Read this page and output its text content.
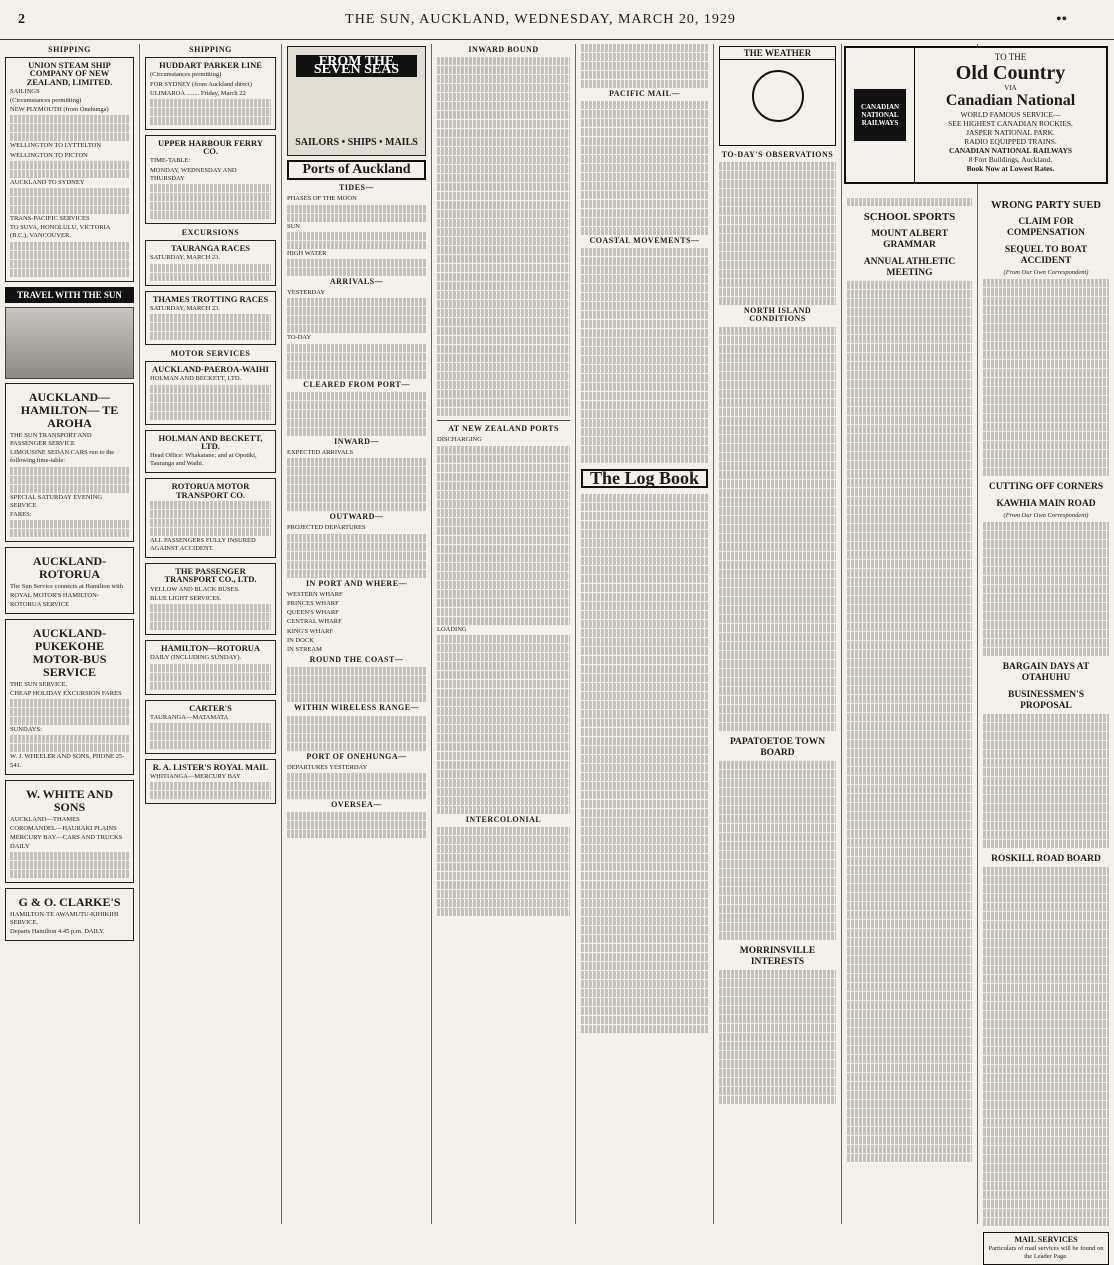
2	THE SUN, AUCKLAND, WEDNESDAY, MARCH 20, 1929	••
SHIPPING
UNION STEAM SHIP COMPANY OF NEW ZEALAND, LIMITED.

SAILINGS

(Circumstances permitting)

NEW PLYMOUTH (from Onehunga)

WELLINGTON TO LYTTELTON

WELLINGTON TO PICTON

AUCKLAND TO SYDNEY

TRANS-PACIFIC SERVICES

TO SUVA, HONOLULU, VICTORIA (B.C.), VANCOUVER.

TRAVEL WITH THE SUN
AUCKLAND— HAMILTON— TE AROHA

THE SUN TRANSPORT AND PASSENGER SERVICE

LIMOUSINE SEDAN CARS run to the following time-table:

SPECIAL SATURDAY EVENING SERVICE

FARES:

AUCKLAND-ROTORUA

The Sun Service connects at Hamilton with

ROYAL MOTOR'S HAMILTON-ROTORUA SERVICE

AUCKLAND-PUKEKOHE MOTOR-BUS SERVICE

THE SUN SERVICE.

CHEAP HOLIDAY EXCURSION FARES

SUNDAYS:

W. J. WHEELER AND SONS, PHONE 25-541.

W. WHITE AND SONS

AUCKLAND—THAMES

COROMANDEL—HAURAKI PLAINS

MERCURY BAY—CARS AND TRUCKS DAILY

G & O. CLARKE'S

HAMILTON-TE AWAMUTU-KIHIKIHI SERVICE.

Departs Hamilton 4.45 p.m. DAILY.

SHIPPING
HUDDART PARKER LINE

(Circumstances permitting)

FOR SYDNEY (from Auckland direct)

ULIMAROA ........ Friday, March 22

UPPER HARBOUR FERRY CO.

TIME-TABLE:

MONDAY, WEDNESDAY AND THURSDAY

EXCURSIONS
TAURANGA RACES

SATURDAY, MARCH 23.

THAMES TROTTING RACES

SATURDAY, MARCH 23.

MOTOR SERVICES
AUCKLAND-PAEROA-WAIHI

HOLMAN AND BECKETT, LTD.

HOLMAN AND BECKETT, LTD.

Head Office: Whakatane; and at Opotiki, Tauranga and Waihi.

ROTORUA MOTOR TRANSPORT CO.

ALL PASSENGERS FULLY INSURED AGAINST ACCIDENT.

THE PASSENGER TRANSPORT CO., LTD.

YELLOW AND BLACK BUSES.

BLUE LIGHT SERVICES.

HAMILTON—ROTORUA

DAILY (INCLUDING SUNDAY).

CARTER'S

TAURANGA—MATAMATA

R. A. LISTER'S ROYAL MAIL

WHITIANGA—MERCURY BAY

FROM THE SEVEN SEAS
SAILORS • SHIPS • MAILS
Ports of Auckland
TIDES—

PHASES OF THE MOON

SUN

HIGH WATER

ARRIVALS—

YESTERDAY

TO-DAY

CLEARED FROM PORT—
INWARD—

EXPECTED ARRIVALS

OUTWARD—

PROJECTED DEPARTURES

IN PORT AND WHERE—

WESTERN WHARF

PRINCES WHARF

QUEEN'S WHARF

CENTRAL WHARF

KING'S WHARF

IN DOCK

IN STREAM

ROUND THE COAST—
WITHIN WIRELESS RANGE—
PORT OF ONEHUNGA—

DEPARTURES YESTERDAY

OVERSEA—
INWARD BOUND
AT NEW ZEALAND PORTS

DISCHARGING

LOADING

INTERCOLONIAL
PACIFIC MAIL—
COASTAL MOVEMENTS—
The Log Book
THE WEATHER
TO-DAY'S OBSERVATIONS
NORTH ISLAND CONDITIONS
PAPATOETOE TOWN BOARD
MORRINSVILLE INTERESTS
SCHOOL SPORTS
MOUNT ALBERT GRAMMAR
ANNUAL ATHLETIC MEETING
CANADIAN NATIONAL RAILWAYS
TO THE
Old Country
VIA
Canadian National
WORLD FAMOUS SERVICE—
SEE HIGHEST CANADIAN ROCKIES.
JASPER NATIONAL PARK.
RADIO EQUIPPED TRAINS.
CANADIAN NATIONAL RAILWAYS
8 Fort Buildings, Auckland.
Book Now at Lowest Rates.
WRONG PARTY SUED
CLAIM FOR COMPENSATION
SEQUEL TO BOAT ACCIDENT
(From Our Own Correspondent)
CUTTING OFF CORNERS
KAWHIA MAIN ROAD
(From Our Own Correspondent)
BARGAIN DAYS AT OTAHUHU
BUSINESSMEN'S PROPOSAL
ROSKILL ROAD BOARD
MAIL SERVICES
Particulars of mail services will be found on the Leader Page.
